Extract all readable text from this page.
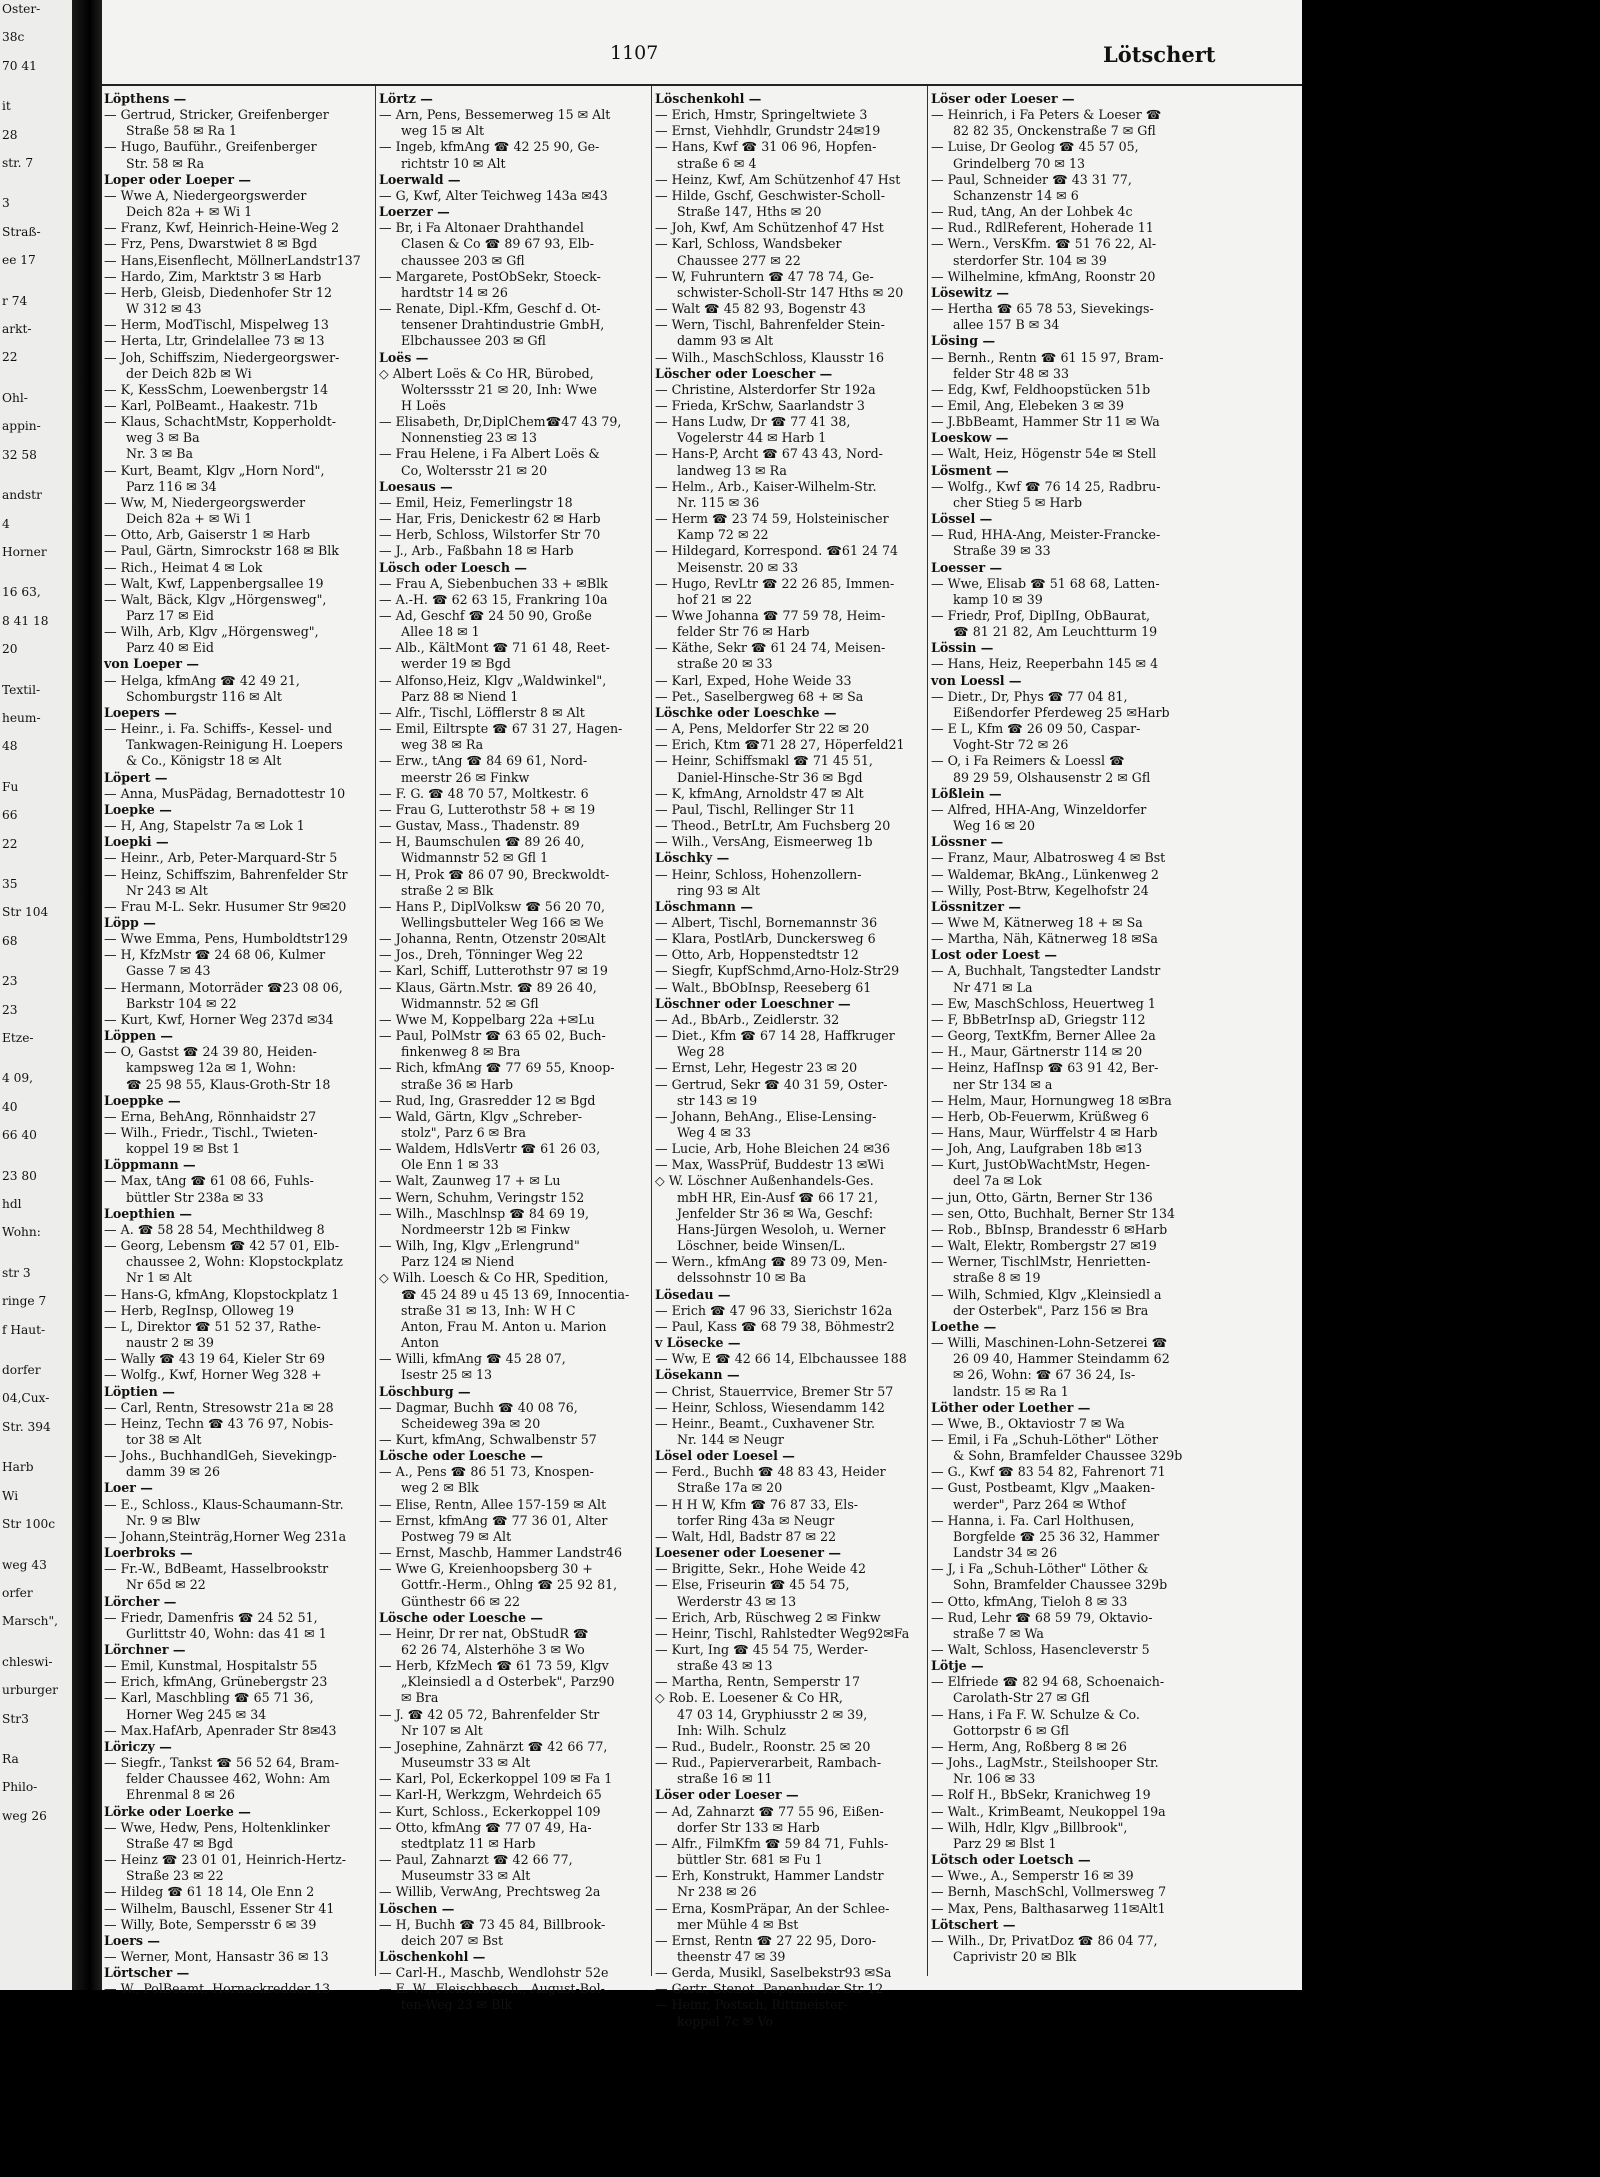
Oster-
38c
70 41
it
28
str. 7
3
Straß-
ee 17
r 74
arkt-
22
Ohl-
appin-
32 58
andstr
4
Horner
16 63,
8 41 18
20
Textil-
heum-
48
Fu
66
22
35
Str 104
68
23
23
Etze-
4 09,
40
66 40
23 80
hdl
Wohn:
str 3
ringe 7
f Haut-
dorfer
04,Cux-
Str. 394
Harb
Wi
Str 100c
weg 43
orfer
Marsch",
chleswi-
urburger
Str3
Ra
Philo-
weg 26
1107	Lötschert
Löpthens —
— Gertrud, Stricker, Greifenberger
Straße 58 ✉ Ra 1
— Hugo, Bauführ., Greifenberger
Str. 58 ✉ Ra
Loper oder Loeper —
— Wwe A, Niedergeorgswerder
Deich 82a + ✉ Wi 1
— Franz, Kwf, Heinrich-Heine-Weg 2
— Frz, Pens, Dwarstwiet 8 ✉ Bgd
— Hans,Eisenflecht, MöllnerLandstr137
— Hardo, Zim, Marktstr 3 ✉ Harb
— Herb, Gleisb, Diedenhofer Str 12
W 312 ✉ 43
— Herm, ModTischl, Mispelweg 13
— Herta, Ltr, Grindelallee 73 ✉ 13
— Joh, Schiffszim, Niedergeorgswer-
der Deich 82b ✉ Wi
— K, KessSchm, Loewenbergstr 14
— Karl, PolBeamt., Haakestr. 71b
— Klaus, SchachtMstr, Kopperholdt-
weg 3 ✉ Ba
Nr. 3 ✉ Ba
— Kurt, Beamt, Klgv „Horn Nord",
Parz 116 ✉ 34
— Ww, M, Niedergeorgswerder
Deich 82a + ✉ Wi 1
— Otto, Arb, Gaiserstr 1 ✉ Harb
— Paul, Gärtn, Simrockstr 168 ✉ Blk
— Rich., Heimat 4 ✉ Lok
— Walt, Kwf, Lappenbergsallee 19
— Walt, Bäck, Klgv „Hörgensweg",
Parz 17 ✉ Eid
— Wilh, Arb, Klgv „Hörgensweg",
Parz 40 ✉ Eid
von Loeper —
— Helga, kfmAng ☎ 42 49 21,
Schomburgstr 116 ✉ Alt
Loepers —
— Heinr., i. Fa. Schiffs-, Kessel- und
Tankwagen-Reinigung H. Loepers
& Co., Königstr 18 ✉ Alt
Löpert —
— Anna, MusPädag, Bernadottestr 10
Loepke —
— H, Ang, Stapelstr 7a ✉ Lok 1
Loepki —
— Heinr., Arb, Peter-Marquard-Str 5
— Heinz, Schiffszim, Bahrenfelder Str
Nr 243 ✉ Alt
— Frau M-L. Sekr. Husumer Str 9✉20
Löpp —
— Wwe Emma, Pens, Humboldtstr129
— H, KfzMstr ☎ 24 68 06, Kulmer
Gasse 7 ✉ 43
— Hermann, Motorräder ☎23 08 06,
Barkstr 104 ✉ 22
— Kurt, Kwf, Horner Weg 237d ✉34
Löppen —
— O, Gastst ☎ 24 39 80, Heiden-
kampsweg 12a ✉ 1, Wohn:
☎ 25 98 55, Klaus-Groth-Str 18
Loeppke —
— Erna, BehAng, Rönnhaidstr 27
— Wilh., Friedr., Tischl., Twieten-
koppel 19 ✉ Bst 1
Löppmann —
— Max, tAng ☎ 61 08 66, Fuhls-
büttler Str 238a ✉ 33
Loepthien —
— A. ☎ 58 28 54, Mechthildweg 8
— Georg, Lebensm ☎ 42 57 01, Elb-
chaussee 2, Wohn: Klopstockplatz
Nr 1 ✉ Alt
— Hans-G, kfmAng, Klopstockplatz 1
— Herb, RegInsp, Olloweg 19
— L, Direktor ☎ 51 52 37, Rathe-
naustr 2 ✉ 39
— Wally ☎ 43 19 64, Kieler Str 69
— Wolfg., Kwf, Horner Weg 328 +
Löptien —
— Carl, Rentn, Stresowstr 21a ✉ 28
— Heinz, Techn ☎ 43 76 97, Nobis-
tor 38 ✉ Alt
— Johs., BuchhandlGeh, Sievekingp-
damm 39 ✉ 26
Loer —
— E., Schloss., Klaus-Schaumann-Str.
Nr. 9 ✉ Blw
— Johann,Steinträg,Horner Weg 231a
Loerbroks —
— Fr.-W., BdBeamt, Hasselbrookstr
Nr 65d ✉ 22
Lörcher —
— Friedr, Damenfris ☎ 24 52 51,
Gurlittstr 40, Wohn: das 41 ✉ 1
Lörchner —
— Emil, Kunstmal, Hospitalstr 55
— Erich, kfmAng, Grünebergstr 23
— Karl, Maschbling ☎ 65 71 36,
Horner Weg 245 ✉ 34
— Max.HafArb, Apenrader Str 8✉43
Löriczy —
— Siegfr., Tankst ☎ 56 52 64, Bram-
felder Chaussee 462, Wohn: Am
Ehrenmal 8 ✉ 26
Lörke oder Loerke —
— Wwe, Hedw, Pens, Holtenklinker
Straße 47 ✉ Bgd
— Heinz ☎ 23 01 01, Heinrich-Hertz-
Straße 23 ✉ 22
— Hildeg ☎ 61 18 14, Ole Enn 2
— Wilhelm, Bauschl, Essener Str 41
— Willy, Bote, Sempersstr 6 ✉ 39
Loers —
— Werner, Mont, Hansastr 36 ✉ 13
Lörtscher —
— W., PolBeamt, Hornackredder 13
Lörtz —
— Arn, Pens, Bessemerweg 15 ✉ Alt
weg 15 ✉ Alt
— Ingeb, kfmAng ☎ 42 25 90, Ge-
richtstr 10 ✉ Alt
Loerwald —
— G, Kwf, Alter Teichweg 143a ✉43
Loerzer —
— Br, i Fa Altonaer Drahthandel
Clasen & Co ☎ 89 67 93, Elb-
chaussee 203 ✉ Gfl
— Margarete, PostObSekr, Stoeck-
hardtstr 14 ✉ 26
— Renate, Dipl.-Kfm, Geschf d. Ot-
tensener Drahtindustrie GmbH,
Elbchaussee 203 ✉ Gfl
Loës —
◇ Albert Loës & Co HR, Bürobed,
Wolterssstr 21 ✉ 20, Inh: Wwe
H Loës
— Elisabeth, Dr,DiplChem☎47 43 79,
Nonnenstieg 23 ✉ 13
— Frau Helene, i Fa Albert Loës &
Co, Woltersstr 21 ✉ 20
Loesaus —
— Emil, Heiz, Femerlingstr 18
— Har, Fris, Denickestr 62 ✉ Harb
— Herb, Schloss, Wilstorfer Str 70
— J., Arb., Faßbahn 18 ✉ Harb
Lösch oder Loesch —
— Frau A, Siebenbuchen 33 + ✉Blk
— A.-H. ☎ 62 63 15, Frankring 10a
— Ad, Geschf ☎ 24 50 90, Große
Allee 18 ✉ 1
— Alb., KältMont ☎ 71 61 48, Reet-
werder 19 ✉ Bgd
— Alfonso,Heiz, Klgv „Waldwinkel",
Parz 88 ✉ Niend 1
— Alfr., Tischl, Löfflerstr 8 ✉ Alt
— Emil, Eiltrspte ☎ 67 31 27, Hagen-
weg 38 ✉ Ra
— Erw., tAng ☎ 84 69 61, Nord-
meerstr 26 ✉ Finkw
— F. G. ☎ 48 70 57, Moltkestr. 6
— Frau G, Lutterothstr 58 + ✉ 19
— Gustav, Mass., Thadenstr. 89
— H, Baumschulen ☎ 89 26 40,
Widmannstr 52 ✉ Gfl 1
— H, Prok ☎ 86 07 90, Breckwoldt-
straße 2 ✉ Blk
— Hans P., DiplVolksw ☎ 56 20 70,
Wellingsbutteler Weg 166 ✉ We
— Johanna, Rentn, Otzenstr 20✉Alt
— Jos., Dreh, Tönninger Weg 22
— Karl, Schiff, Lutterothstr 97 ✉ 19
— Klaus, Gärtn.Mstr. ☎ 89 26 40,
Widmannstr. 52 ✉ Gfl
— Wwe M, Koppelbarg 22a +✉Lu
— Paul, PolMstr ☎ 63 65 02, Buch-
finkenweg 8 ✉ Bra
— Rich, kfmAng ☎ 77 69 55, Knoop-
straße 36 ✉ Harb
— Rud, Ing, Grasredder 12 ✉ Bgd
— Wald, Gärtn, Klgv „Schreber-
stolz", Parz 6 ✉ Bra
— Waldem, HdlsVertr ☎ 61 26 03,
Ole Enn 1 ✉ 33
— Walt, Zaunweg 17 + ✉ Lu
— Wern, Schuhm, Veringstr 152
— Wilh., Maschlnsp ☎ 84 69 19,
Nordmeerstr 12b ✉ Finkw
— Wilh, Ing, Klgv „Erlengrund"
Parz 124 ✉ Niend
◇ Wilh. Loesch & Co HR, Spedition,
☎ 45 24 89 u 45 13 69, Innocentia-
straße 31 ✉ 13, Inh: W H C
Anton, Frau M. Anton u. Marion
Anton
— Willi, kfmAng ☎ 45 28 07,
Isestr 25 ✉ 13
Löschburg —
— Dagmar, Buchh ☎ 40 08 76,
Scheideweg 39a ✉ 20
— Kurt, kfmAng, Schwalbenstr 57
Lösche oder Loesche —
— A., Pens ☎ 86 51 73, Knospen-
weg 2 ✉ Blk
— Elise, Rentn, Allee 157-159 ✉ Alt
— Ernst, kfmAng ☎ 77 36 01, Alter
Postweg 79 ✉ Alt
— Ernst, Maschb, Hammer Landstr46
— Wwe G, Kreienhoopsberg 30 +
Gottfr.-Herm., Ohlng ☎ 25 92 81,
Günthestr 66 ✉ 22
Lösche oder Loesche —
— Heinr, Dr rer nat, ObStudR ☎
62 26 74, Alsterhöhe 3 ✉ Wo
— Herb, KfzMech ☎ 61 73 59, Klgv
„Kleinsiedl a d Osterbek", Parz90
✉ Bra
— J. ☎ 42 05 72, Bahrenfelder Str
Nr 107 ✉ Alt
— Josephine, Zahnärzt ☎ 42 66 77,
Museumstr 33 ✉ Alt
— Karl, Pol, Eckerkoppel 109 ✉ Fa 1
— Karl-H, Werkzgm, Wehrdeich 65
— Kurt, Schloss., Eckerkoppel 109
— Otto, kfmAng ☎ 77 07 49, Ha-
stedtplatz 11 ✉ Harb
— Paul, Zahnarzt ☎ 42 66 77,
Museumstr 33 ✉ Alt
— Willib, VerwAng, Prechtsweg 2a
Löschen —
— H, Buchh ☎ 73 45 84, Billbrook-
deich 207 ✉ Bst
Löschenkohl —
— Carl-H., Maschb, Wendlohstr 52e
— E. W., Fleischbesch., August-Bol-
ten-Weg 23 ✉ Blk
Löschenkohl —
— Erich, Hmstr, Springeltwiete 3
— Ernst, Viehhdlr, Grundstr 24✉19
— Hans, Kwf ☎ 31 06 96, Hopfen-
straße 6 ✉ 4
— Heinz, Kwf, Am Schützenhof 47 Hst
— Hilde, Gschf, Geschwister-Scholl-
Straße 147, Hths ✉ 20
— Joh, Kwf, Am Schützenhof 47 Hst
— Karl, Schloss, Wandsbeker
Chaussee 277 ✉ 22
— W, Fuhruntern ☎ 47 78 74, Ge-
schwister-Scholl-Str 147 Hths ✉ 20
— Walt ☎ 45 82 93, Bogenstr 43
— Wern, Tischl, Bahrenfelder Stein-
damm 93 ✉ Alt
— Wilh., MaschSchloss, Klausstr 16
Löscher oder Loescher —
— Christine, Alsterdorfer Str 192a
— Frieda, KrSchw, Saarlandstr 3
— Hans Ludw, Dr ☎ 77 41 38,
Vogelerstr 44 ✉ Harb 1
— Hans-P, Archt ☎ 67 43 43, Nord-
landweg 13 ✉ Ra
— Helm., Arb., Kaiser-Wilhelm-Str.
Nr. 115 ✉ 36
— Herm ☎ 23 74 59, Holsteinischer
Kamp 72 ✉ 22
— Hildegard, Korrespond. ☎61 24 74
Meisenstr. 20 ✉ 33
— Hugo, RevLtr ☎ 22 26 85, Immen-
hof 21 ✉ 22
— Wwe Johanna ☎ 77 59 78, Heim-
felder Str 76 ✉ Harb
— Käthe, Sekr ☎ 61 24 74, Meisen-
straße 20 ✉ 33
— Karl, Exped, Hohe Weide 33
— Pet., Saselbergweg 68 + ✉ Sa
Löschke oder Loeschke —
— A, Pens, Meldorfer Str 22 ✉ 20
— Erich, Ktm ☎71 28 27, Höperfeld21
— Heinr, Schiffsmakl ☎ 71 45 51,
Daniel-Hinsche-Str 36 ✉ Bgd
— K, kfmAng, Arnoldstr 47 ✉ Alt
— Paul, Tischl, Rellinger Str 11
— Theod., BetrLtr, Am Fuchsberg 20
— Wilh., VersAng, Eismeerweg 1b
Löschky —
— Heinr, Schloss, Hohenzollern-
ring 93 ✉ Alt
Löschmann —
— Albert, Tischl, Bornemannstr 36
— Klara, PostlArb, Dunckersweg 6
— Otto, Arb, Hoppenstedtstr 12
— Siegfr, KupfSchmd,Arno-Holz-Str29
— Walt., BbObInsp, Reeseberg 61
Löschner oder Loeschner —
— Ad., BbArb., Zeidlerstr. 32
— Diet., Kfm ☎ 67 14 28, Haffkruger
Weg 28
— Ernst, Lehr, Hegestr 23 ✉ 20
— Gertrud, Sekr ☎ 40 31 59, Oster-
str 143 ✉ 19
— Johann, BehAng., Elise-Lensing-
Weg 4 ✉ 33
— Lucie, Arb, Hohe Bleichen 24 ✉36
— Max, WassPrüf, Buddestr 13 ✉Wi
◇ W. Löschner Außenhandels-Ges.
mbH HR, Ein-Ausf ☎ 66 17 21,
Jenfelder Str 36 ✉ Wa, Geschf:
Hans-Jürgen Wesoloh, u. Werner
Löschner, beide Winsen/L.
— Wern., kfmAng ☎ 89 73 09, Men-
delssohnstr 10 ✉ Ba
Lösedau —
— Erich ☎ 47 96 33, Sierichstr 162a
— Paul, Kass ☎ 68 79 38, Böhmestr2
v Lösecke —
— Ww, E ☎ 42 66 14, Elbchaussee 188
Lösekann —
— Christ, Stauerrvice, Bremer Str 57
— Heinr, Schloss, Wiesendamm 142
— Heinr., Beamt., Cuxhavener Str.
Nr. 144 ✉ Neugr
Lösel oder Loesel —
— Ferd., Buchh ☎ 48 83 43, Heider
Straße 17a ✉ 20
— H H W, Kfm ☎ 76 87 33, Els-
torfer Ring 43a ✉ Neugr
— Walt, Hdl, Badstr 87 ✉ 22
Loesener oder Loesener —
— Brigitte, Sekr., Hohe Weide 42
— Else, Friseurin ☎ 45 54 75,
Werderstr 43 ✉ 13
— Erich, Arb, Rüschweg 2 ✉ Finkw
— Heinr, Tischl, Rahlstedter Weg92✉Fa
— Kurt, Ing ☎ 45 54 75, Werder-
straße 43 ✉ 13
— Martha, Rentn, Semperstr 17
◇ Rob. E. Loesener & Co HR,
47 03 14, Gryphiusstr 2 ✉ 39,
Inh: Wilh. Schulz
— Rud., Budelr., Roonstr. 25 ✉ 20
— Rud., Papierverarbeit, Rambach-
straße 16 ✉ 11
Löser oder Loeser —
— Ad, Zahnarzt ☎ 77 55 96, Eißen-
dorfer Str 133 ✉ Harb
— Alfr., FilmKfm ☎ 59 84 71, Fuhls-
büttler Str. 681 ✉ Fu 1
— Erh, Konstrukt, Hammer Landstr
Nr 238 ✉ 26
— Erna, KosmPräpar, An der Schlee-
mer Mühle 4 ✉ Bst
— Ernst, Rentn ☎ 27 22 95, Doro-
theenstr 47 ✉ 39
— Gerda, Musikl, Saselbekstr93 ✉Sa
— Gertr, Stenot, Papenhuder Str 12
— Heinr, Postsch, Rittmeister-
koppel 7c ✉ Vo
Löser oder Loeser —
— Heinrich, i Fa Peters & Loeser ☎
82 82 35, Onckenstraße 7 ✉ Gfl
— Luise, Dr Geolog ☎ 45 57 05,
Grindelberg 70 ✉ 13
— Paul, Schneider ☎ 43 31 77,
Schanzenstr 14 ✉ 6
— Rud, tAng, An der Lohbek 4c
— Rud., RdlReferent, Hoherade 11
— Wern., VersKfm. ☎ 51 76 22, Al-
sterdorfer Str. 104 ✉ 39
— Wilhelmine, kfmAng, Roonstr 20
Lösewitz —
— Hertha ☎ 65 78 53, Sievekings-
allee 157 B ✉ 34
Lösing —
— Bernh., Rentn ☎ 61 15 97, Bram-
felder Str 48 ✉ 33
— Edg, Kwf, Feldhoopstücken 51b
— Emil, Ang, Elebeken 3 ✉ 39
— J.BbBeamt, Hammer Str 11 ✉ Wa
Loeskow —
— Walt, Heiz, Högenstr 54e ✉ Stell
Lösment —
— Wolfg., Kwf ☎ 76 14 25, Radbru-
cher Stieg 5 ✉ Harb
Lössel —
— Rud, HHA-Ang, Meister-Francke-
Straße 39 ✉ 33
Loesser —
— Wwe, Elisab ☎ 51 68 68, Latten-
kamp 10 ✉ 39
— Friedr, Prof, DiplIng, ObBaurat,
☎ 81 21 82, Am Leuchtturm 19
Lössin —
— Hans, Heiz, Reeperbahn 145 ✉ 4
von Loessl —
— Dietr., Dr, Phys ☎ 77 04 81,
Eißendorfer Pferdeweg 25 ✉Harb
— E L, Kfm ☎ 26 09 50, Caspar-
Voght-Str 72 ✉ 26
— O, i Fa Reimers & Loessl ☎
89 29 59, Olshausenstr 2 ✉ Gfl
Lößlein —
— Alfred, HHA-Ang, Winzeldorfer
Weg 16 ✉ 20
Lössner —
— Franz, Maur, Albatrosweg 4 ✉ Bst
— Waldemar, BkAng., Lünkenweg 2
— Willy, Post-Btrw, Kegelhofstr 24
Lössnitzer —
— Wwe M, Kätnerweg 18 + ✉ Sa
— Martha, Näh, Kätnerweg 18 ✉Sa
Lost oder Loest —
— A, Buchhalt, Tangstedter Landstr
Nr 471 ✉ La
— Ew, MaschSchloss, Heuertweg 1
— F, BbBetrInsp aD, Griegstr 112
— Georg, TextKfm, Berner Allee 2a
— H., Maur, Gärtnerstr 114 ✉ 20
— Heinz, HafInsp ☎ 63 91 42, Ber-
ner Str 134 ✉ a
— Helm, Maur, Hornungweg 18 ✉Bra
— Herb, Ob-Feuerwm, Krüßweg 6
— Hans, Maur, Würffelstr 4 ✉ Harb
— Joh, Ang, Laufgraben 18b ✉13
— Kurt, JustObWachtMstr, Hegen-
deel 7a ✉ Lok
— jun, Otto, Gärtn, Berner Str 136
— sen, Otto, Buchhalt, Berner Str 134
— Rob., BbInsp, Brandesstr 6 ✉Harb
— Walt, Elektr, Rombergstr 27 ✉19
— Werner, TischlMstr, Henrietten-
straße 8 ✉ 19
— Wilh, Schmied, Klgv „Kleinsiedl a
der Osterbek", Parz 156 ✉ Bra
Loethe —
— Willi, Maschinen-Lohn-Setzerei ☎
26 09 40, Hammer Steindamm 62
✉ 26, Wohn: ☎ 67 36 24, Is-
landstr. 15 ✉ Ra 1
Löther oder Loether —
— Wwe, B., Oktaviostr 7 ✉ Wa
— Emil, i Fa „Schuh-Löther" Löther
& Sohn, Bramfelder Chaussee 329b
— G., Kwf ☎ 83 54 82, Fahrenort 71
— Gust, Postbeamt, Klgv „Maaken-
werder", Parz 264 ✉ Wthof
— Hanna, i. Fa. Carl Holthusen,
Borgfelde ☎ 25 36 32, Hammer
Landstr 34 ✉ 26
— J, i Fa „Schuh-Löther" Löther &
Sohn, Bramfelder Chaussee 329b
— Otto, kfmAng, Tieloh 8 ✉ 33
— Rud, Lehr ☎ 68 59 79, Oktavio-
straße 7 ✉ Wa
— Walt, Schloss, Hasencleverstr 5
Lötje —
— Elfriede ☎ 82 94 68, Schoenaich-
Carolath-Str 27 ✉ Gfl
— Hans, i Fa F. W. Schulze & Co.
Gottorpstr 6 ✉ Gfl
— Herm, Ang, Roßberg 8 ✉ 26
— Johs., LagMstr., Steilshooper Str.
Nr. 106 ✉ 33
— Rolf H., BbSekr, Kranichweg 19
— Walt., KrimBeamt, Neukoppel 19a
— Wilh, Hdlr, Klgv „Billbrook",
Parz 29 ✉ Blst 1
Lötsch oder Loetsch —
— Wwe., A., Semperstr 16 ✉ 39
— Bernh, MaschSchl, Vollmersweg 7
— Max, Pens, Balthasarweg 11✉Alt1
Lötschert —
— Wilh., Dr, PrivatDoz ☎ 86 04 77,
Caprivistr 20 ✉ Blk
